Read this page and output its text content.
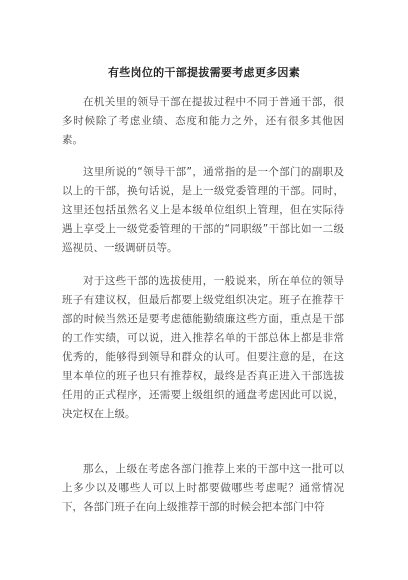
有些岗位的干部提拔需要考虑更多因素

在机关里的领导干部在提拔过程中不同于普通干部，很多时候除了考虑业绩、态度和能力之外，还有很多其他因素。

这里所说的“领导干部”，通常指的是一个部门的副职及以上的干部，换句话说，是上一级党委管理的干部。同时，这里还包括虽然名义上是本级单位组织上管理，但在实际待遇上享受上一级党委管理的干部的“同职级”干部比如一二级巡视员、一级调研员等。

对于这些干部的选拔使用，一般说来，所在单位的领导班子有建议权，但最后都要上级党组织决定。班子在推荐干部的时候当然还是要考虑德能勤绩廉这些方面，重点是干部的工作实绩，可以说，进入推荐名单的干部总体上都是非常优秀的，能够得到领导和群众的认可。但要注意的是，在这里本单位的班子也只有推荐权，最终是否真正进入干部选拔任用的正式程序，还需要上级组织的通盘考虑因此可以说，决定权在上级。

那么，上级在考虑各部门推荐上来的干部中这一批可以上多少以及哪些人可以上时都要做哪些考虑呢？通常情况下，各部门班子在向上级推荐干部的时候会把本部门中符
